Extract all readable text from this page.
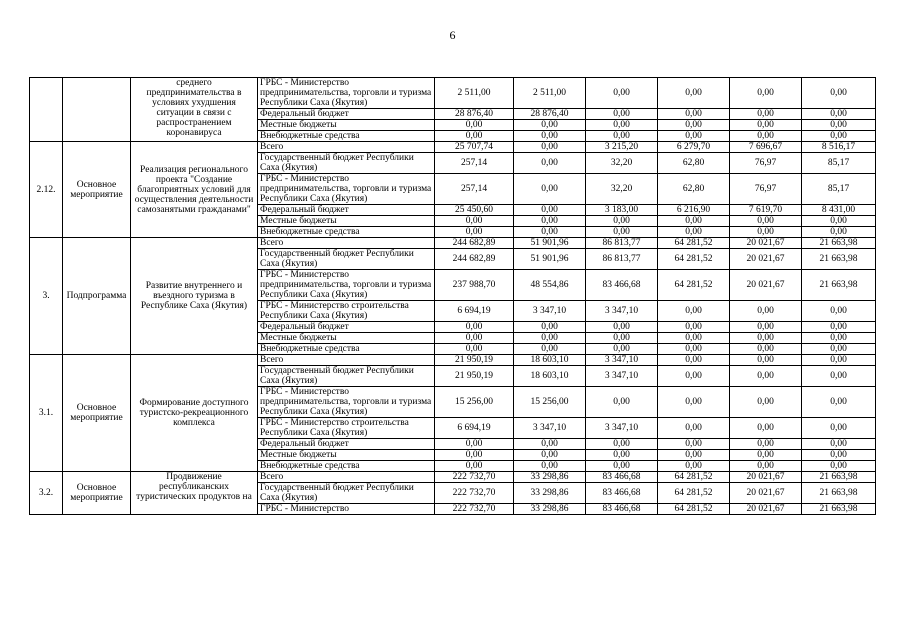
6
		среднего предпринимательства в условиях ухудшения ситуации в связи с распространением коронавируса	ГРБС - Министерство предпринимательства, торговли и туризма Республики Саха (Якутия)	2 511,00	2 511,00	0,00	0,00	0,00	0,00
			Федеральный бюджет	28 876,40	28 876,40	0,00	0,00	0,00	0,00
			Местные бюджеты	0,00	0,00	0,00	0,00	0,00	0,00
			Внебюджетные средства	0,00	0,00	0,00	0,00	0,00	0,00
2.12.	Основное мероприятие	Реализация регионального проекта "Создание благоприятных условий для осуществления деятельности самозанятыми гражданами"	Всего	25 707,74	0,00	3 215,20	6 279,70	7 696,67	8 516,17
			Государственный бюджет Республики Саха (Якутия)	257,14	0,00	32,20	62,80	76,97	85,17
			ГРБС - Министерство предпринимательства, торговли и туризма Республики Саха (Якутия)	257,14	0,00	32,20	62,80	76,97	85,17
			Федеральный бюджет	25 450,60	0,00	3 183,00	6 216,90	7 619,70	8 431,00
			Местные бюджеты	0,00	0,00	0,00	0,00	0,00	0,00
			Внебюджетные средства	0,00	0,00	0,00	0,00	0,00	0,00
3.	Подпрограмма	Развитие внутреннего и въездного туризма в Республике Саха (Якутия)	Всего	244 682,89	51 901,96	86 813,77	64 281,52	20 021,67	21 663,98
			Государственный бюджет Республики Саха (Якутия)	244 682,89	51 901,96	86 813,77	64 281,52	20 021,67	21 663,98
			ГРБС - Министерство предпринимательства, торговли и туризма Республики Саха (Якутия)	237 988,70	48 554,86	83 466,68	64 281,52	20 021,67	21 663,98
			ГРБС - Министерство строительства Республики Саха (Якутия)	6 694,19	3 347,10	3 347,10	0,00	0,00	0,00
			Федеральный бюджет	0,00	0,00	0,00	0,00	0,00	0,00
			Местные бюджеты	0,00	0,00	0,00	0,00	0,00	0,00
			Внебюджетные средства	0,00	0,00	0,00	0,00	0,00	0,00
3.1.	Основное мероприятие	Формирование доступного туристско-рекреационного комплекса	Всего	21 950,19	18 603,10	3 347,10	0,00	0,00	0,00
			Государственный бюджет Республики Саха (Якутия)	21 950,19	18 603,10	3 347,10	0,00	0,00	0,00
			ГРБС - Министерство предпринимательства, торговли и туризма Республики Саха (Якутия)	15 256,00	15 256,00	0,00	0,00	0,00	0,00
			ГРБС - Министерство строительства Республики Саха (Якутия)	6 694,19	3 347,10	3 347,10	0,00	0,00	0,00
			Федеральный бюджет	0,00	0,00	0,00	0,00	0,00	0,00
			Местные бюджеты	0,00	0,00	0,00	0,00	0,00	0,00
			Внебюджетные средства	0,00	0,00	0,00	0,00	0,00	0,00
3.2.	Основное мероприятие	Продвижение республиканских туристических продуктов на	Всего	222 732,70	33 298,86	83 466,68	64 281,52	20 021,67	21 663,98
			Государственный бюджет Республики Саха (Якутия)	222 732,70	33 298,86	83 466,68	64 281,52	20 021,67	21 663,98
			ГРБС - Министерство	222 732,70	33 298,86	83 466,68	64 281,52	20 021,67	21 663,98
